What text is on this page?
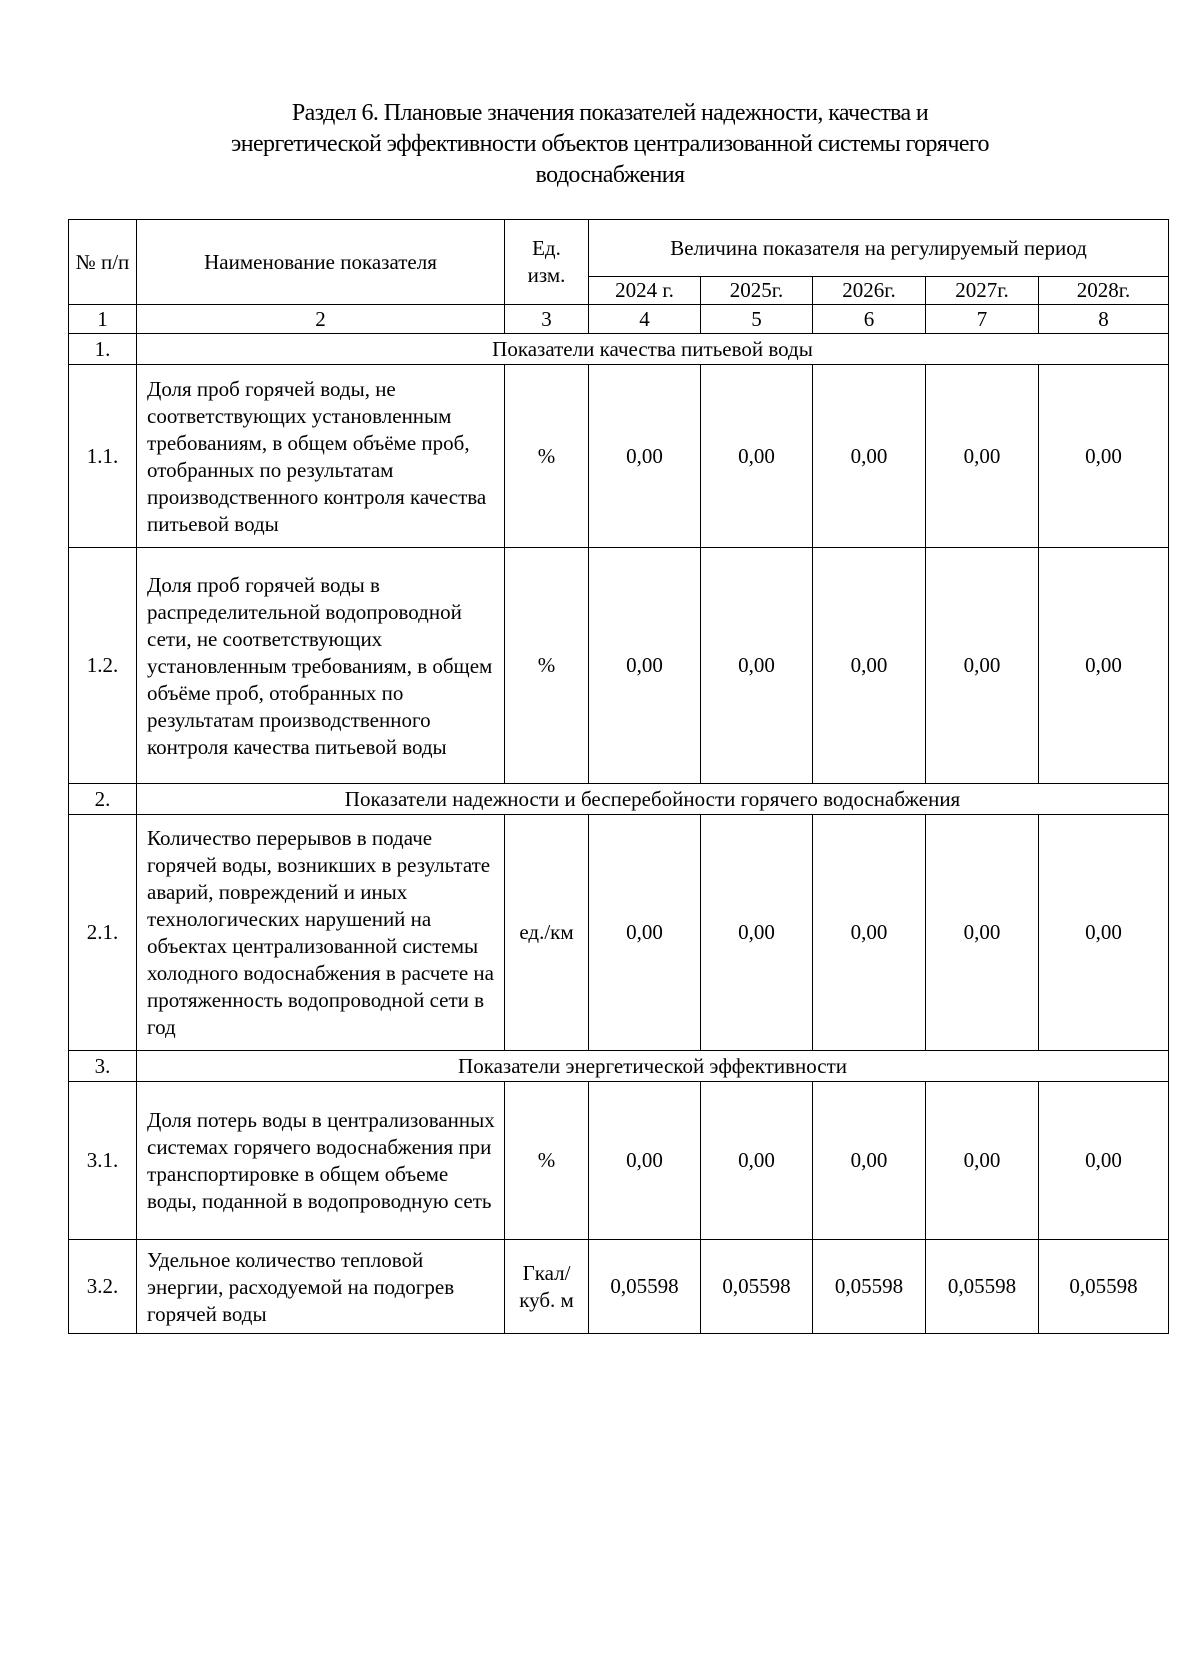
Раздел 6. Плановые значения показателей надежности, качества и
энергетической эффективности объектов централизованной системы горячего
водоснабжения
№ п/п	Наименование показателя	Ед. изм.	Величина показателя на регулируемый период				
			2024 г.	2025г.	2026г.	2027г.	2028г.
1	2	3	4	5	6	7	8
1.	Показатели качества питьевой воды						
1.1.	Доля проб горячей воды, не соответствующих установленным требованиям, в общем объёме проб, отобранных по результатам производственного контроля качества питьевой воды	%	0,00	0,00	0,00	0,00	0,00
1.2.	Доля проб горячей воды в распределительной водопроводной сети, не соответствующих установленным требованиям, в общем объёме проб, отобранных по результатам производственного контроля качества питьевой воды	%	0,00	0,00	0,00	0,00	0,00
2.	Показатели надежности и бесперебойности горячего водоснабжения						
2.1.	Количество перерывов в подаче горячей воды, возникших в результате аварий, повреждений и иных технологических нарушений на объектах централизованной системы холодного водоснабжения в расчете на протяженность водопроводной сети в год	ед./км	0,00	0,00	0,00	0,00	0,00
3.	Показатели энергетической эффективности						
3.1.	Доля потерь воды в централизованных системах горячего водоснабжения при транспортировке в общем объеме воды, поданной в водопроводную сеть	%	0,00	0,00	0,00	0,00	0,00
3.2.	Удельное количество тепловой энергии, расходуемой на подогрев горячей воды	Гкал/ куб. м	0,05598	0,05598	0,05598	0,05598	0,05598
